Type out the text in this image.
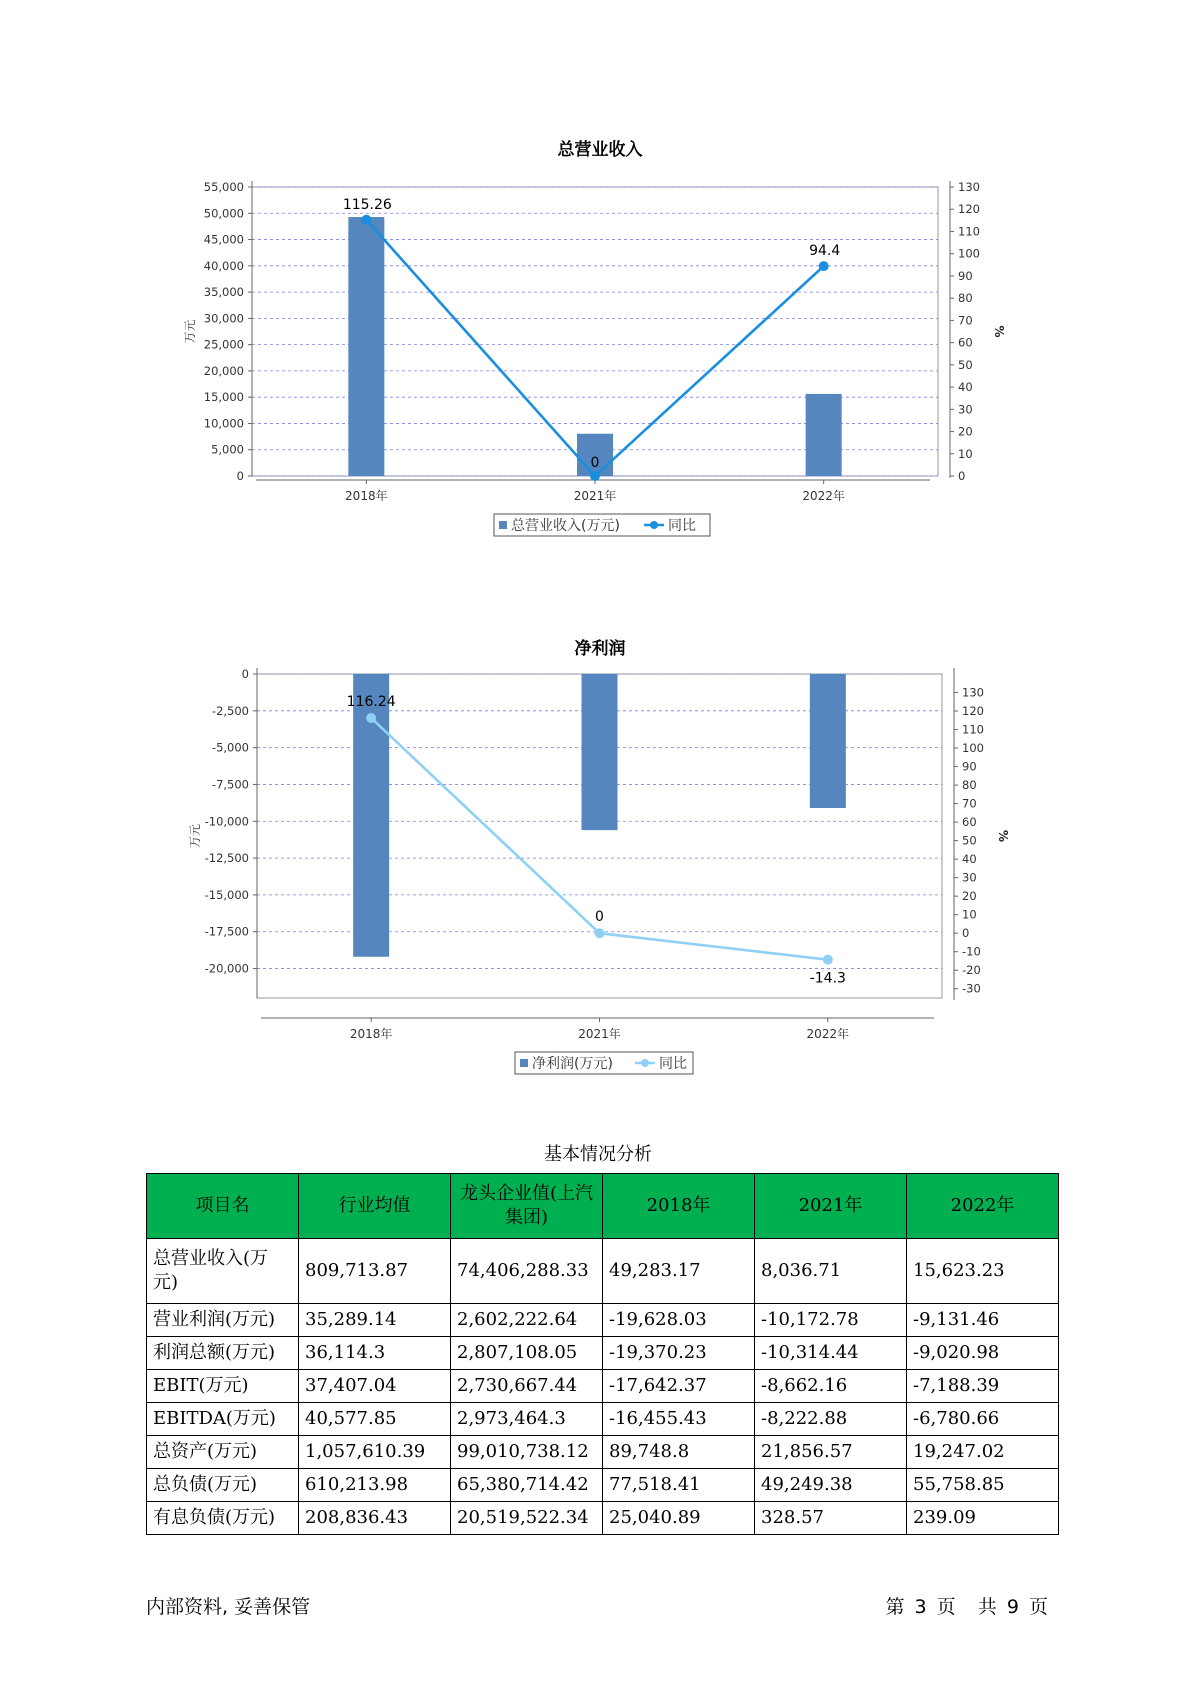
总营业收入
55,000
50,000
45,000
40,000
35,000
30,000
25,000
20,000
15,000
10,000
5,000
0	0
10
20
30
40
50
60
70
80
90
100
110
120
130
万元	%
2018年	2021年	2022年
115.26
0
94.4
总营业收入(万元)	同比
净利润
0
-2,500
-5,000
-7,500
-10,000
-12,500
-15,000
-17,500
-20,000
-30
-20
-10
0
10
20
30
40
50
60
70
80
90
100
110
120
130
万元	%
2018年	2021年	2022年
116.24
0
-14.3
净利润(万元)	同比
基本情况分析
项目名	行业均值	龙头企业值(上汽集团)	2018年	2021年	2022年
总营业收入(万元)	809,713.87	74,406,288.33	49,283.17	8,036.71	15,623.23
营业利润(万元)	35,289.14	2,602,222.64	-19,628.03	-10,172.78	-9,131.46
利润总额(万元)	36,114.3	2,807,108.05	-19,370.23	-10,314.44	-9,020.98
EBIT(万元)	37,407.04	2,730,667.44	-17,642.37	-8,662.16	-7,188.39
EBITDA(万元)	40,577.85	2,973,464.3	-16,455.43	-8,222.88	-6,780.66
总资产(万元)	1,057,610.39	99,010,738.12	89,748.8	21,856.57	19,247.02
总负债(万元)	610,213.98	65,380,714.42	77,518.41	49,249.38	55,758.85
有息负债(万元)	208,836.43	20,519,522.34	25,040.89	328.57	239.09
内部资料, 妥善保管	第 3 页 共 9 页
